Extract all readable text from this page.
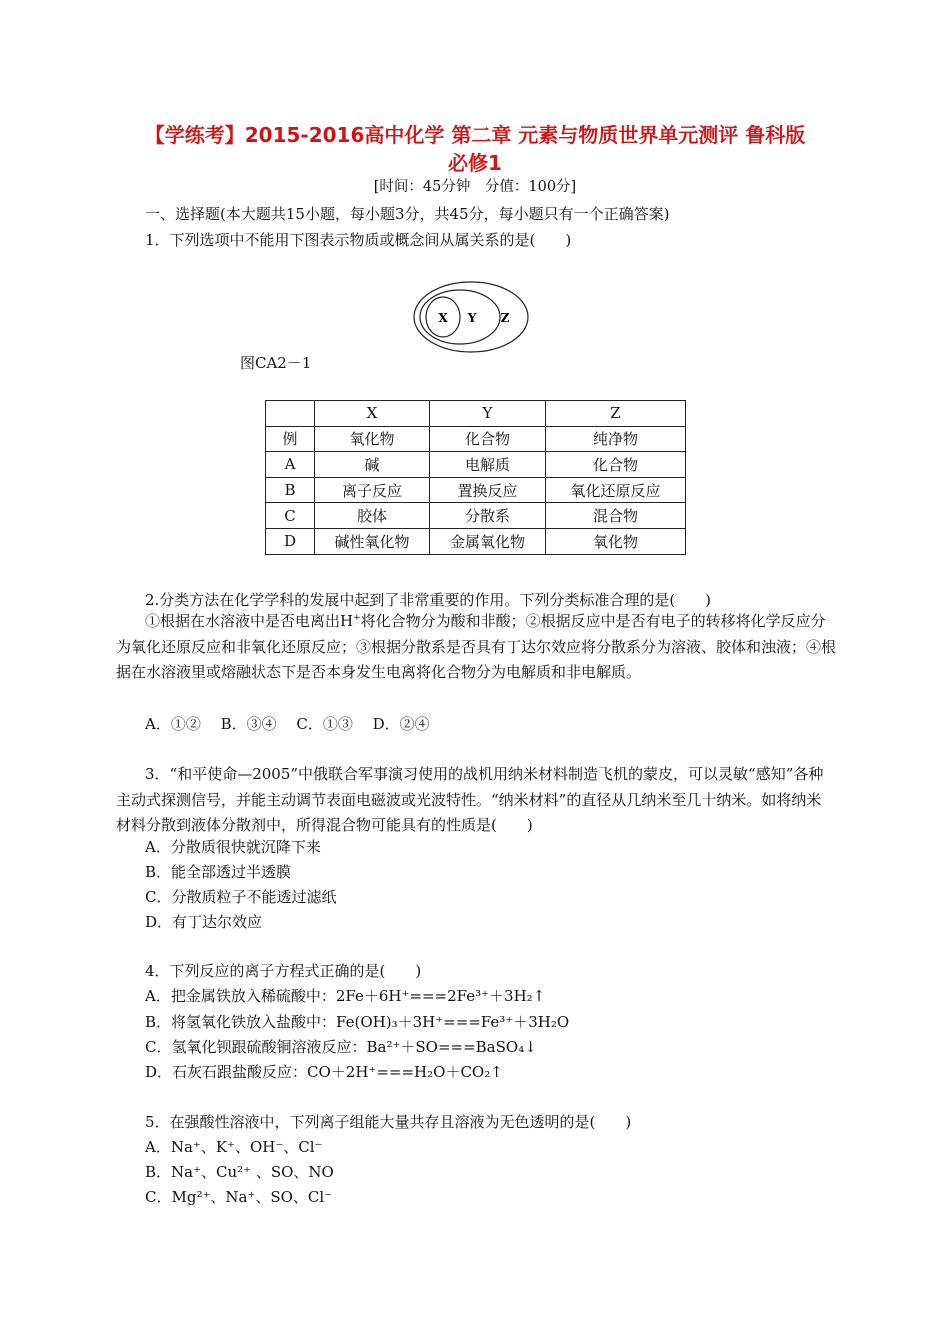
【学练考】2015-2016高中化学 第二章 元素与物质世界单元测评 鲁科版
必修1
[时间：45分钟　分值：100分]
一、选择题(本大题共15小题，每小题3分，共45分，每小题只有一个正确答案)
1．下列选项中不能用下图表示物质或概念间从属关系的是(　　)
X Y Z
图CA2－1
	X	Y	Z
例	氧化物	化合物	纯净物
A	碱	电解质	化合物
B	离子反应	置换反应	氧化还原反应
C	胶体	分散系	混合物
D	碱性氧化物	金属氧化物	氧化物
2.分类方法在化学学科的发展中起到了非常重要的作用。下列分类标准合理的是(　　)
①根据在水溶液中是否电离出H+将化合物分为酸和非酸；②根据反应中是否有电子的转移将化学反应分为氧化还原反应和非氧化还原反应；③根据分散系是否具有丁达尔效应将分散系分为溶液、胶体和浊液；④根据在水溶液里或熔融状态下是否本身发生电离将化合物分为电解质和非电解质。
A．①②　 B．③④　 C．①③　 D．②④
3．“和平使命—2005”中俄联合军事演习使用的战机用纳米材料制造飞机的蒙皮，可以灵敏“感知”各种主动式探测信号，并能主动调节表面电磁波或光波特性。“纳米材料”的直径从几纳米至几十纳米。如将纳米材料分散到液体分散剂中，所得混合物可能具有的性质是(　　)
A．分散质很快就沉降下来
B．能全部透过半透膜
C．分散质粒子不能透过滤纸
D．有丁达尔效应
4．下列反应的离子方程式正确的是(　　)
A．把金属铁放入稀硫酸中：2Fe＋6H⁺===2Fe³⁺＋3H₂↑
B．将氢氧化铁放入盐酸中：Fe(OH)₃＋3H⁺===Fe³⁺＋3H₂O
C．氢氧化钡跟硫酸铜溶液反应：Ba²⁺＋SO===BaSO₄↓
D．石灰石跟盐酸反应：CO＋2H⁺===H₂O＋CO₂↑
5．在强酸性溶液中，下列离子组能大量共存且溶液为无色透明的是(　　)
A．Na⁺、K⁺、OH⁻、Cl⁻
B．Na⁺、Cu²⁺ 、SO、NO
C．Mg²⁺、Na⁺、SO、Cl⁻
